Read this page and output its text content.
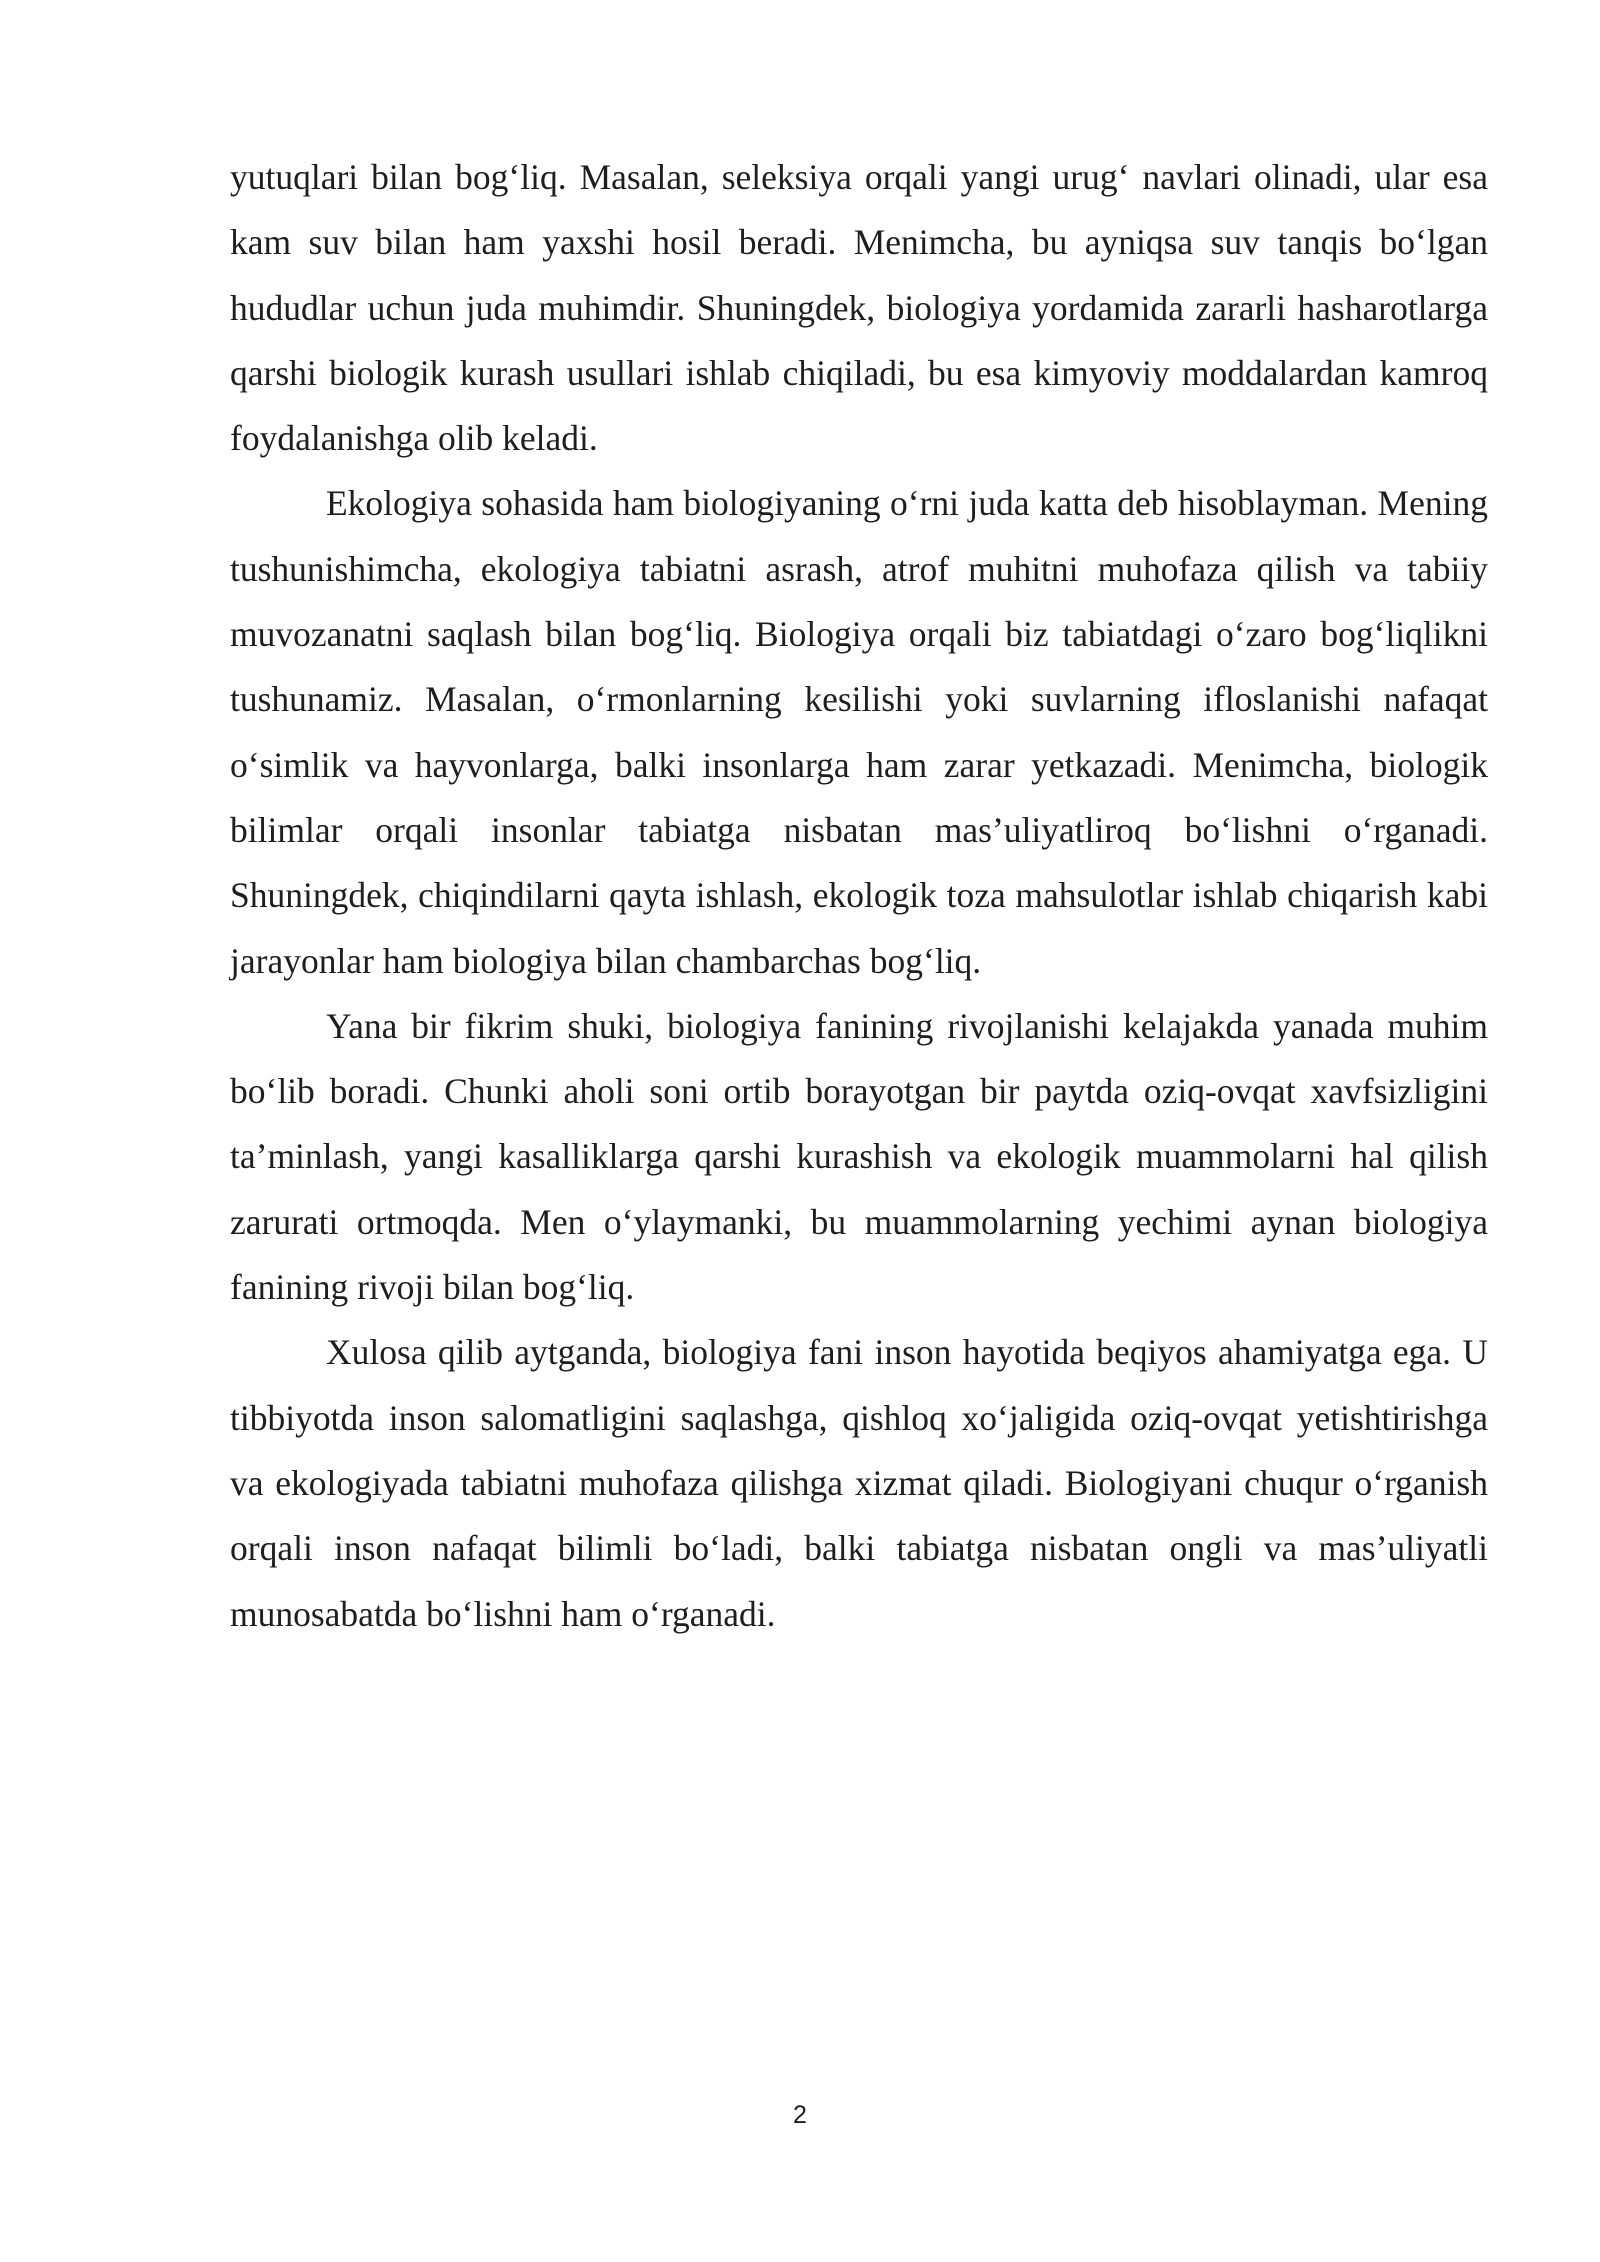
yutuqlari bilan bog‘liq. Masalan, seleksiya orqali yangi urug‘ navlari olinadi, ular esa kam suv bilan ham yaxshi hosil beradi. Menimcha, bu ayniqsa suv tanqis bo‘lgan hududlar uchun juda muhimdir. Shuningdek, biologiya yordamida zararli hasharotlarga qarshi biologik kurash usullari ishlab chiqiladi, bu esa kimyoviy moddalardan kamroq foydalanishga olib keladi.

Ekologiya sohasida ham biologiyaning o‘rni juda katta deb hisoblayman. Mening tushunishimcha, ekologiya tabiatni asrash, atrof muhitni muhofaza qilish va tabiiy muvozanatni saqlash bilan bog‘liq. Biologiya orqali biz tabiatdagi o‘zaro bog‘liqlikni tushunamiz. Masalan, o‘rmonlarning kesilishi yoki suvlarning ifloslanishi nafaqat o‘simlik va hayvonlarga, balki insonlarga ham zarar yetkazadi. Menimcha, biologik bilimlar orqali insonlar tabiatga nisbatan mas’uliyatliroq bo‘lishni o‘rganadi. Shuningdek, chiqindilarni qayta ishlash, ekologik toza mahsulotlar ishlab chiqarish kabi jarayonlar ham biologiya bilan chambarchas bog‘liq.

Yana bir fikrim shuki, biologiya fanining rivojlanishi kelajakda yanada muhim bo‘lib boradi. Chunki aholi soni ortib borayotgan bir paytda oziq-ovqat xavfsizligini ta’minlash, yangi kasalliklarga qarshi kurashish va ekologik muammolarni hal qilish zarurati ortmoqda. Men o‘ylaymanki, bu muammolarning yechimi aynan biologiya fanining rivoji bilan bog‘liq.

Xulosa qilib aytganda, biologiya fani inson hayotida beqiyos ahamiyatga ega. U tibbiyotda inson salomatligini saqlashga, qishloq xo‘jaligida oziq-ovqat yetishtirishga va ekologiyada tabiatni muhofaza qilishga xizmat qiladi. Biologiyani chuqur o‘rganish orqali inson nafaqat bilimli bo‘ladi, balki tabiatga nisbatan ongli va mas’uliyatli munosabatda bo‘lishni ham o‘rganadi.

2
